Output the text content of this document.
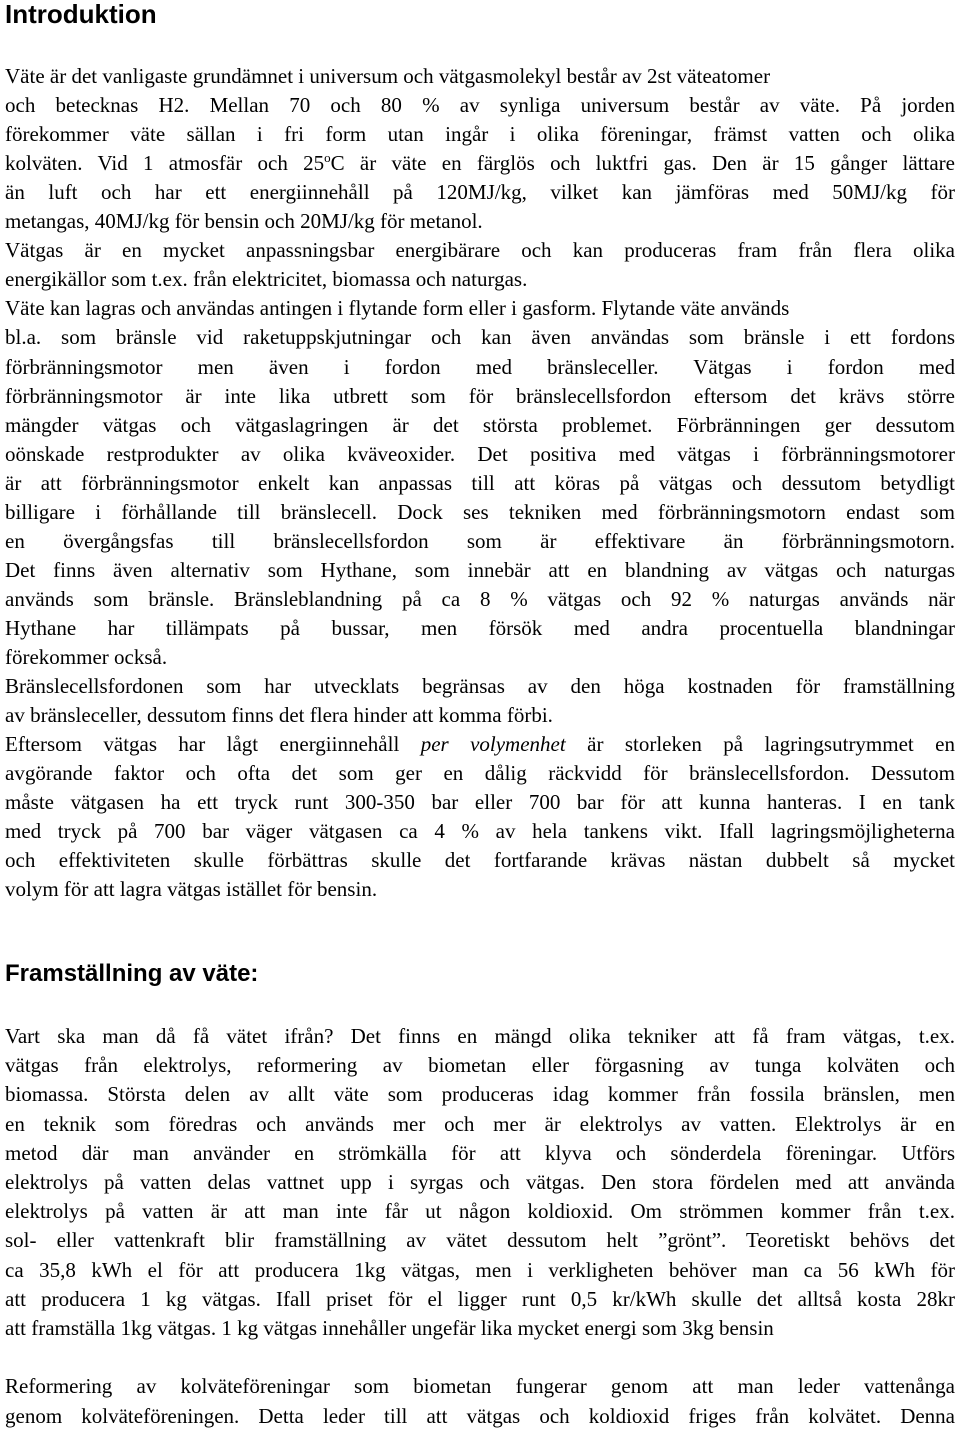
Introduktion
Väte är det vanligaste grundämnet i universum och vätgasmolekyl består av 2st väteatomer
och betecknas H2. Mellan 70 och 80 % av synliga universum består av väte. På jorden
förekommer väte sällan i fri form utan ingår i olika föreningar, främst vatten och olika
kolväten. Vid 1 atmosfär och 25$^o$C är väte en färglös och luktfri gas. Den är 15 gånger lättare
än luft och har ett energiinnehåll på 120MJ/kg, vilket kan jämföras med 50MJ/kg för
metangas, 40MJ/kg för bensin och 20MJ/kg för metanol.
Vätgas är en mycket anpassningsbar energibärare och kan produceras fram från flera olika
energikällor som t.ex. från elektricitet, biomassa och naturgas.
Väte kan lagras och användas antingen i flytande form eller i gasform. Flytande väte används
bl.a. som bränsle vid raketuppskjutningar och kan även användas som bränsle i ett fordons
förbränningsmotor men även i fordon med bränsleceller. Vätgas i fordon med
förbränningsmotor är inte lika utbrett som för bränslecellsfordon eftersom det krävs större
mängder vätgas och vätgaslagringen är det största problemet. Förbränningen ger dessutom
oönskade restprodukter av olika kväveoxider. Det positiva med vätgas i förbränningsmotorer
är att förbränningsmotor enkelt kan anpassas till att köras på vätgas och dessutom betydligt
billigare i förhållande till bränslecell. Dock ses tekniken med förbränningsmotorn endast som
en övergångsfas till bränslecellsfordon som är effektivare än förbränningsmotorn.
Det finns även alternativ som Hythane, som innebär att en blandning av vätgas och naturgas
används som bränsle. Bränsleblandning på ca 8 % vätgas och 92 % naturgas används när
Hythane har tillämpats på bussar, men försök med andra procentuella blandningar
förekommer också.
Bränslecellsfordonen som har utvecklats begränsas av den höga kostnaden för framställning
av bränsleceller, dessutom finns det flera hinder att komma förbi.
Eftersom vätgas har lågt energiinnehåll per volymenhet är storleken på lagringsutrymmet en
avgörande faktor och ofta det som ger en dålig räckvidd för bränslecellsfordon. Dessutom
måste vätgasen ha ett tryck runt 300-350 bar eller 700 bar för att kunna hanteras. I en tank
med tryck på 700 bar väger vätgasen ca 4 % av hela tankens vikt. Ifall lagringsmöjligheterna
och effektiviteten skulle förbättras skulle det fortfarande krävas nästan dubbelt så mycket
volym för att lagra vätgas istället för bensin.
Framställning av väte:
Vart ska man då få vätet ifrån? Det finns en mängd olika tekniker att få fram vätgas, t.ex.
vätgas från elektrolys, reformering av biometan eller förgasning av tunga kolväten och
biomassa. Största delen av allt väte som produceras idag kommer från fossila bränslen, men
en teknik som föredras och används mer och mer är elektrolys av vatten. Elektrolys är en
metod där man använder en strömkälla för att klyva och sönderdela föreningar. Utförs
elektrolys på vatten delas vattnet upp i syrgas och vätgas. Den stora fördelen med att använda
elektrolys på vatten är att man inte får ut någon koldioxid. Om strömmen kommer från t.ex.
sol- eller vattenkraft blir framställning av vätet dessutom helt ”grönt”. Teoretiskt behövs det
ca 35,8 kWh el för att producera 1kg vätgas, men i verkligheten behöver man ca 56 kWh för
att producera 1 kg vätgas. Ifall priset för el ligger runt 0,5 kr/kWh skulle det alltså kosta 28kr
att framställa 1kg vätgas. 1 kg vätgas innehåller ungefär lika mycket energi som 3kg bensin
Reformering av kolväteföreningar som biometan fungerar genom att man leder vattenånga
genom kolväteföreningen. Detta leder till att vätgas och koldioxid friges från kolvätet. Denna
